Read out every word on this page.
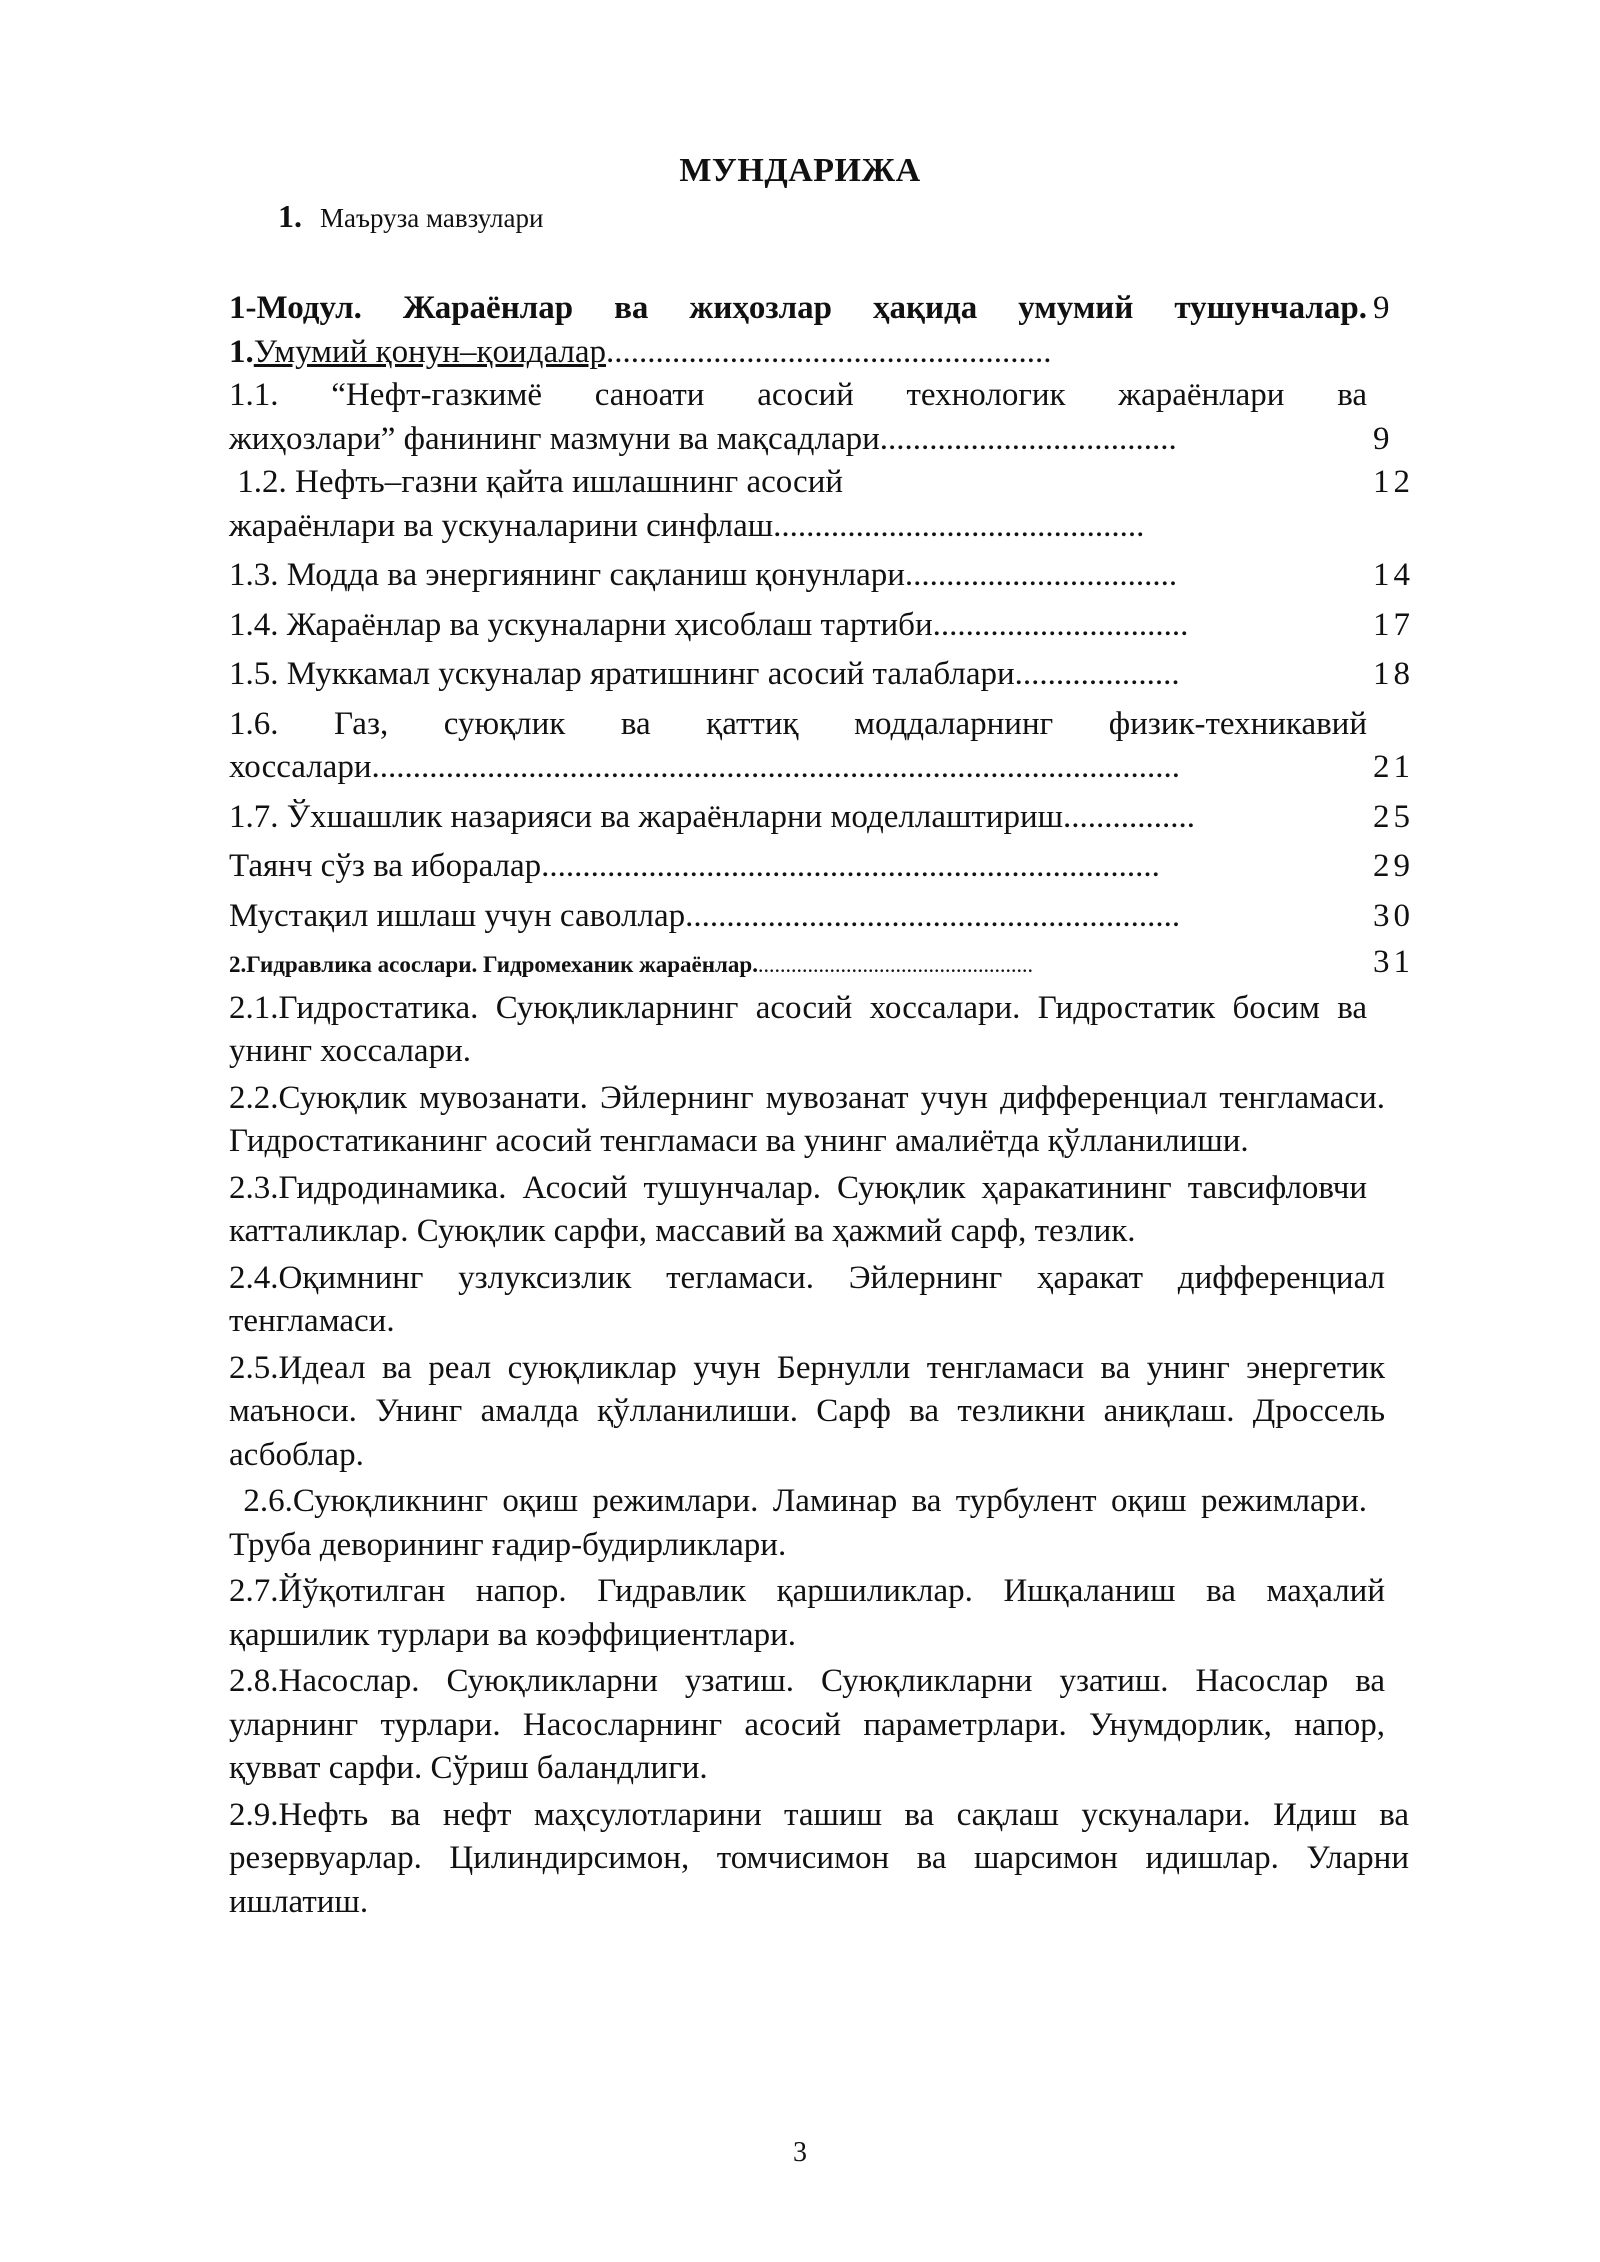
МУНДАРИЖА
1. Маъруза мавзулари
9
1-Модул. Жараёнлар ва жиҳозлар ҳақида умумий тушунчалар.
1.Умумий қонун–қоидалар......................................................
1.1. “Нефт-газкимё саноати асосий технологик жараёнлари ва
9
жиҳозлари” фанининг мазмуни ва мақсадлари....................................
12
1.2. Нефть–газни қайта ишлашнинг асосий
жараёнлари ва ускуналарини синфлаш.............................................
14
1.3. Модда ва энергиянинг сақланиш қонунлари.................................
17
1.4. Жараёнлар ва ускуналарни ҳисоблаш тартиби...............................
18
1.5. Муккамал ускуналар яратишнинг асосий талаблари....................
1.6. Газ, суюқлик ва қаттиқ моддаларнинг физик-техникавий
21
хоссалари..................................................................................................
25
1.7. Ўхшашлик назарияси ва жараёнларни моделлаштириш................
29
Таянч сўз ва иборалар...........................................................................
30
Мустақил ишлаш учун саволлар............................................................
31
2.Гидравлика асослари. Гидромеханик жараёнлар...................................................
2.1.Гидростатика. Суюқликларнинг асосий хоссалари. Гидростатик босим ва унинг хоссалари.
2.2.Суюқлик мувозанати. Эйлернинг мувозанат учун дифференциал тенгламаси. Гидростатиканинг асосий тенгламаси ва унинг амалиётда қўлланилиши.
2.3.Гидродинамика. Асосий тушунчалар. Суюқлик ҳаракатининг тавсифловчи катталиклар. Суюқлик сарфи, массавий ва ҳажмий сарф, тезлик.
2.4.Оқимнинг узлуксизлик тегламаси. Эйлернинг ҳаракат дифференциал тенгламаси.
2.5.Идеал ва реал суюқликлар учун Бернулли тенгламаси ва унинг энергетик маъноси. Унинг амалда қўлланилиши. Сарф ва тезликни аниқлаш. Дроссель асбоблар.
2.6.Суюқликнинг оқиш режимлари. Ламинар ва турбулент оқиш режимлари. Труба деворининг ғадир-будирликлари.
2.7.Йўқотилган напор. Гидравлик қаршиликлар. Ишқаланиш ва маҳалий қаршилик турлари ва коэффициентлари.
2.8.Насослар. Суюқликларни узатиш. Суюқликларни узатиш. Насослар ва уларнинг турлари. Насосларнинг асосий параметрлари. Унумдорлик, напор, қувват сарфи. Сўриш баландлиги.
2.9.Нефть ва нефт маҳсулотларини ташиш ва сақлаш ускуналари. Идиш ва резервуарлар. Цилиндирсимон, томчисимон ва шарсимон идишлар. Уларни ишлатиш.
3
